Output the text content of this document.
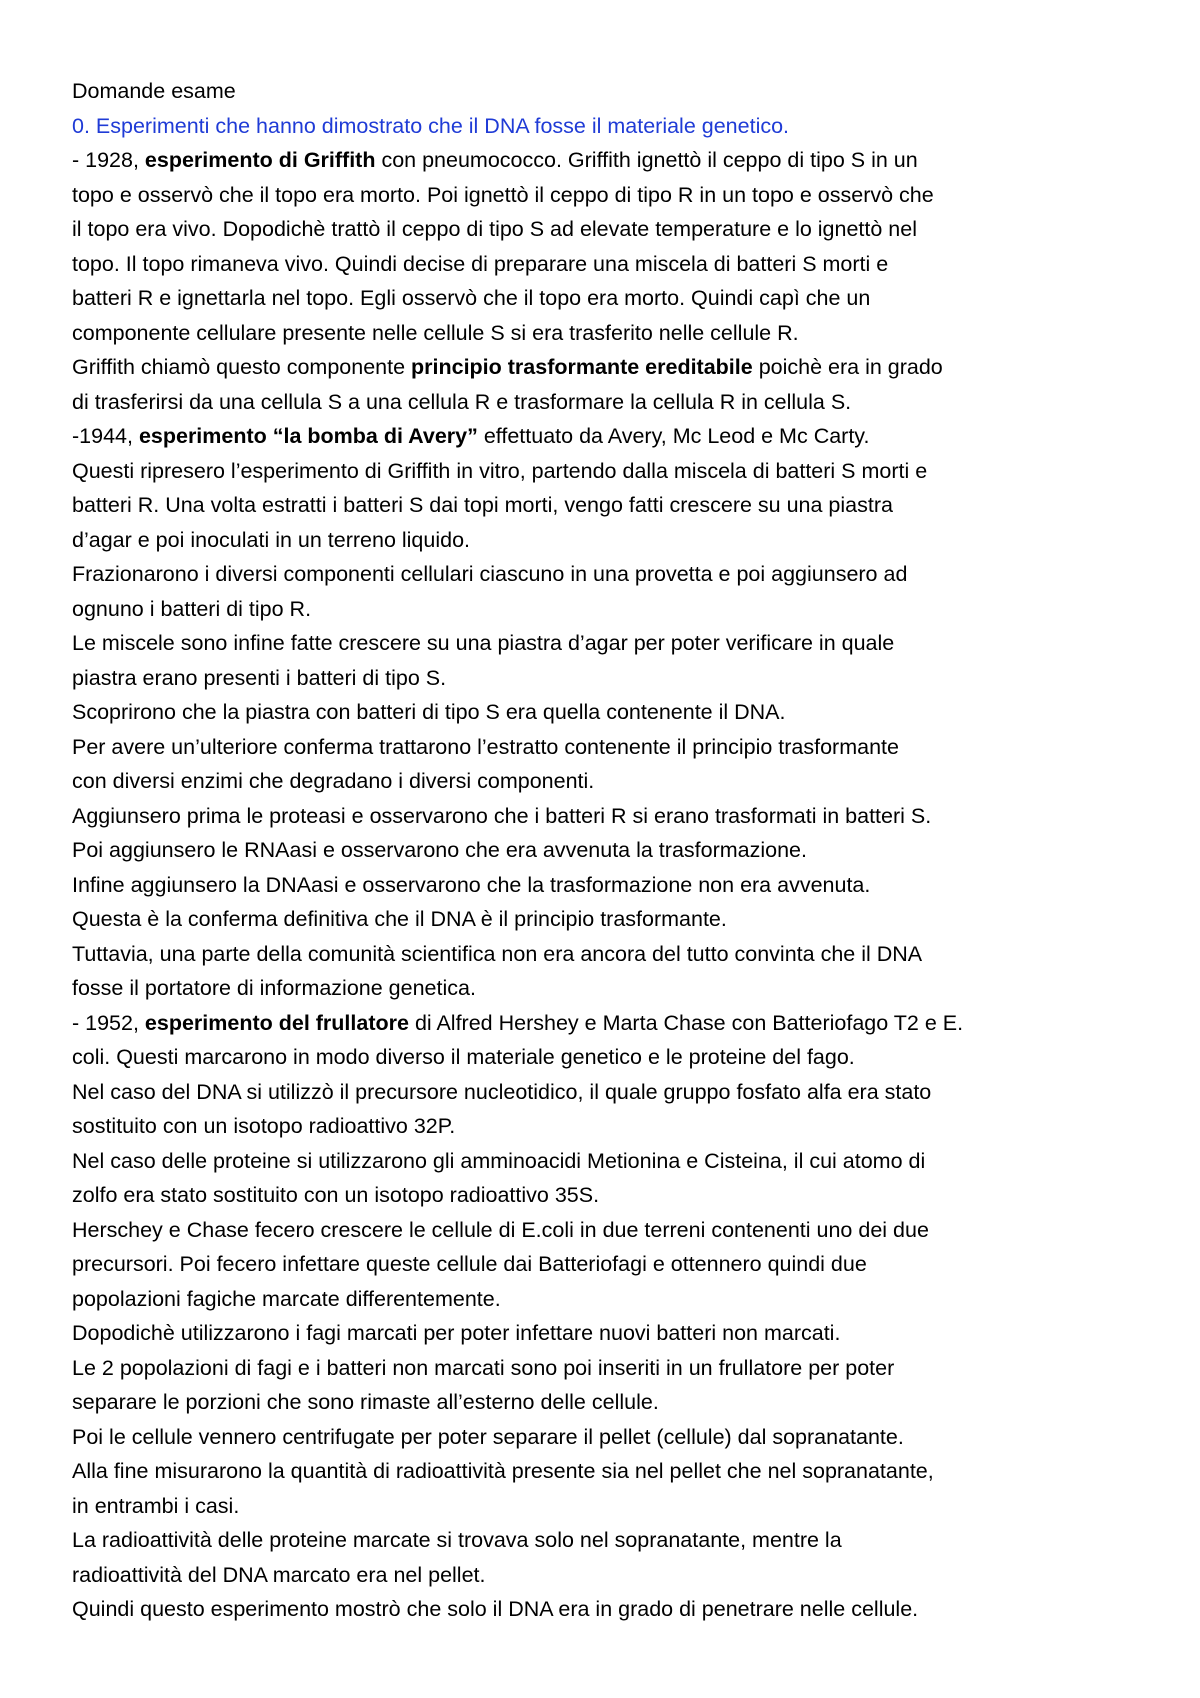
Domande esame
0. Esperimenti che hanno dimostrato che il DNA fosse il materiale genetico.
- 1928, esperimento di Griffith con pneumococco. Griffith ignettò il ceppo di tipo S in un
topo e osservò che il topo era morto. Poi ignettò il ceppo di tipo R in un topo e osservò che
il topo era vivo. Dopodichè trattò il ceppo di tipo S ad elevate temperature e lo ignettò nel
topo. Il topo rimaneva vivo. Quindi decise di preparare una miscela di batteri S morti e
batteri R e ignettarla nel topo. Egli osservò che il topo era morto. Quindi capì che un
componente cellulare presente nelle cellule S si era trasferito nelle cellule R.
Griffith chiamò questo componente principio trasformante ereditabile poichè era in grado
di trasferirsi da una cellula S a una cellula R e trasformare la cellula R in cellula S.
-1944, esperimento “la bomba di Avery” effettuato da Avery, Mc Leod e Mc Carty.
Questi ripresero l’esperimento di Griffith in vitro, partendo dalla miscela di batteri S morti e
batteri R. Una volta estratti i batteri S dai topi morti, vengo fatti crescere su una piastra
d’agar e poi inoculati in un terreno liquido.
Frazionarono i diversi componenti cellulari ciascuno in una provetta e poi aggiunsero ad
ognuno i batteri di tipo R.
Le miscele sono infine fatte crescere su una piastra d’agar per poter verificare in quale
piastra erano presenti i batteri di tipo S.
Scoprirono che la piastra con batteri di tipo S era quella contenente il DNA.
Per avere un’ulteriore conferma trattarono l’estratto contenente il principio trasformante
con diversi enzimi che degradano i diversi componenti.
Aggiunsero prima le proteasi e osservarono che i batteri R si erano trasformati in batteri S.
Poi aggiunsero le RNAasi e osservarono che era avvenuta la trasformazione.
Infine aggiunsero la DNAasi e osservarono che la trasformazione non era avvenuta.
Questa è la conferma definitiva che il DNA è il principio trasformante.
Tuttavia, una parte della comunità scientifica non era ancora del tutto convinta che il DNA
fosse il portatore di informazione genetica.
- 1952, esperimento del frullatore di Alfred Hershey e Marta Chase con Batteriofago T2 e E.
coli. Questi marcarono in modo diverso il materiale genetico e le proteine del fago.
Nel caso del DNA si utilizzò il precursore nucleotidico, il quale gruppo fosfato alfa era stato
sostituito con un isotopo radioattivo 32P.
Nel caso delle proteine si utilizzarono gli amminoacidi Metionina e Cisteina, il cui atomo di
zolfo era stato sostituito con un isotopo radioattivo 35S.
Herschey e Chase fecero crescere le cellule di E.coli in due terreni contenenti uno dei due
precursori. Poi fecero infettare queste cellule dai Batteriofagi e ottennero quindi due
popolazioni fagiche marcate differentemente.
Dopodichè utilizzarono i fagi marcati per poter infettare nuovi batteri non marcati.
Le 2 popolazioni di fagi e i batteri non marcati sono poi inseriti in un frullatore per poter
separare le porzioni che sono rimaste all’esterno delle cellule.
Poi le cellule vennero centrifugate per poter separare il pellet (cellule) dal sopranatante.
Alla fine misurarono la quantità di radioattività presente sia nel pellet che nel sopranatante,
in entrambi i casi.
La radioattività delle proteine marcate si trovava solo nel sopranatante, mentre la
radioattività del DNA marcato era nel pellet.
Quindi questo esperimento mostrò che solo il DNA era in grado di penetrare nelle cellule.
